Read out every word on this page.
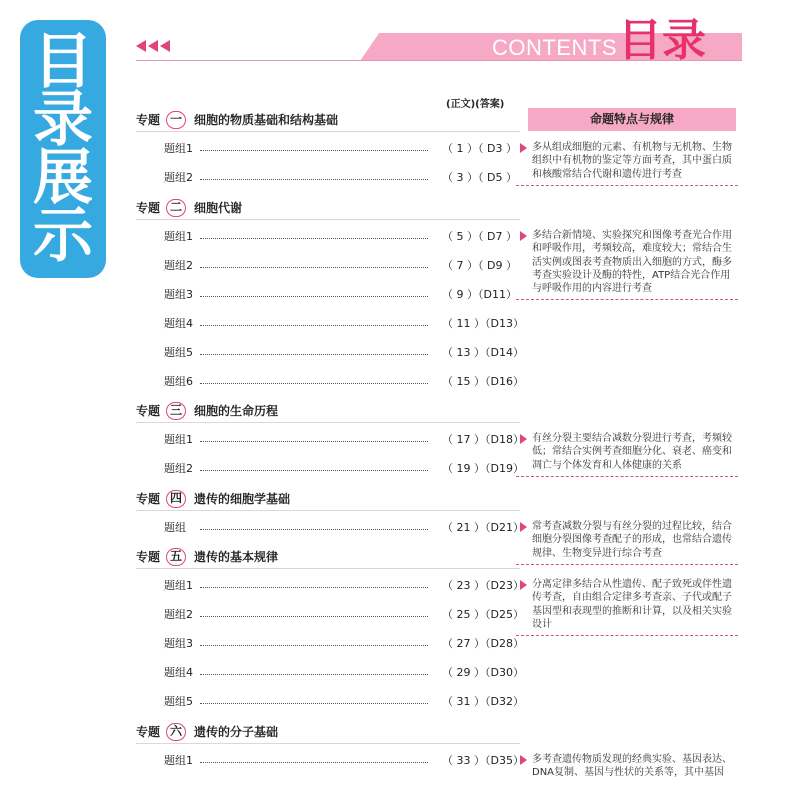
目
录
展
示
CONTENTS 目录
(正文)(答案)
命题特点与规律
专题 一	细胞的物质基础和结构基础
题组1	（ 1 ）（ D3 ）
题组2	（ 3 ）（ D5 ）
专题 二	细胞代谢
题组1	（ 5 ）（ D7 ）
题组2	（ 7 ）（ D9 ）
题组3	（ 9 ）（D11）
题组4	（ 11 ）（D13）
题组5	（ 13 ）（D14）
题组6	（ 15 ）（D16）
专题 三	细胞的生命历程
题组1	（ 17 ）（D18）
题组2	（ 19 ）（D19）
专题 四	遗传的细胞学基础
题组	（ 21 ）（D21）
专题 五	遗传的基本规律
题组1	（ 23 ）（D23）
题组2	（ 25 ）（D25）
题组3	（ 27 ）（D28）
题组4	（ 29 ）（D30）
题组5	（ 31 ）（D32）
专题 六	遗传的分子基础
题组1	（ 33 ）（D35）
多从组成细胞的元素、有机物与无机物、生物组织中有机物的鉴定等方面考查，其中蛋白质和核酸常结合代谢和遗传进行考查
多结合新情境、实验探究和图像考查光合作用和呼吸作用，考频较高，难度较大；常结合生活实例或图表考查物质出入细胞的方式，酶多考查实验设计及酶的特性，ATP结合光合作用与呼吸作用的内容进行考查
有丝分裂主要结合减数分裂进行考查，考频较低；常结合实例考查细胞分化、衰老、癌变和凋亡与个体发育和人体健康的关系
常考查减数分裂与有丝分裂的过程比较，结合细胞分裂图像考查配子的形成，也常结合遗传规律、生物变异进行综合考查
分离定律多结合从性遗传、配子致死或伴性遗传考查，自由组合定律多考查亲、子代或配子基因型和表现型的推断和计算，以及相关实验设计
多考查遗传物质发现的经典实验、基因表达、DNA复制、基因与性状的关系等，其中基因
